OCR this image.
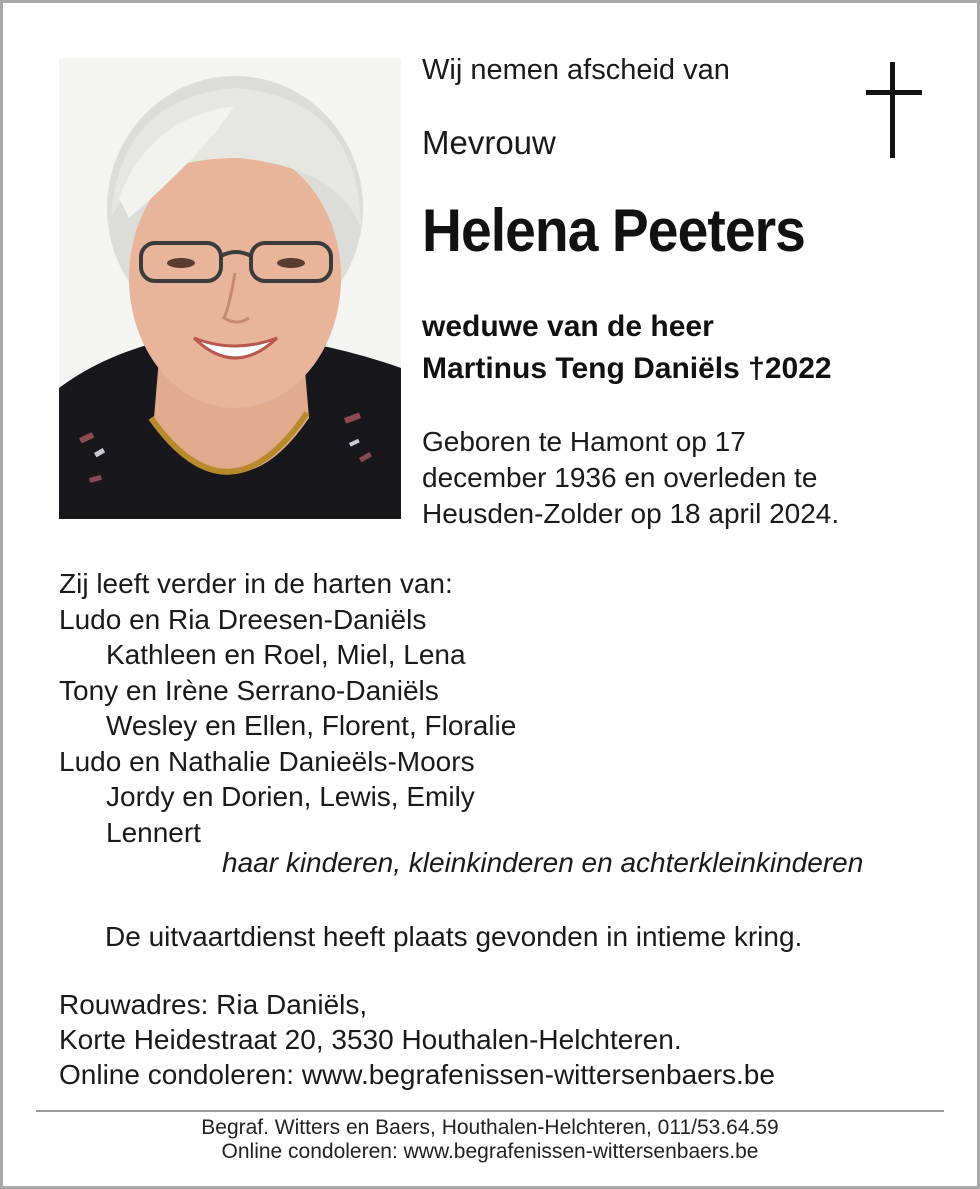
Wij nemen afscheid van
Mevrouw
Helena Peeters
weduwe van de heer
Martinus Teng Daniëls †2022
Geboren te Hamont op 17
december 1936 en overleden te
Heusden-Zolder op 18 april 2024.
Zij leeft verder in de harten van:
Ludo en Ria Dreesen-Daniëls
Kathleen en Roel, Miel, Lena
Tony en Irène Serrano-Daniëls
Wesley en Ellen, Florent, Floralie
Ludo en Nathalie Danieëls-Moors
Jordy en Dorien, Lewis, Emily
Lennert
haar kinderen, kleinkinderen en achterkleinkinderen
De uitvaartdienst heeft plaats gevonden in intieme kring.
Rouwadres: Ria Daniëls,
Korte Heidestraat 20, 3530 Houthalen-Helchteren.
Online condoleren: www.begrafenissen-wittersenbaers.be
Begraf. Witters en Baers, Houthalen-Helchteren, 011/53.64.59
Online condoleren: www.begrafenissen-wittersenbaers.be
